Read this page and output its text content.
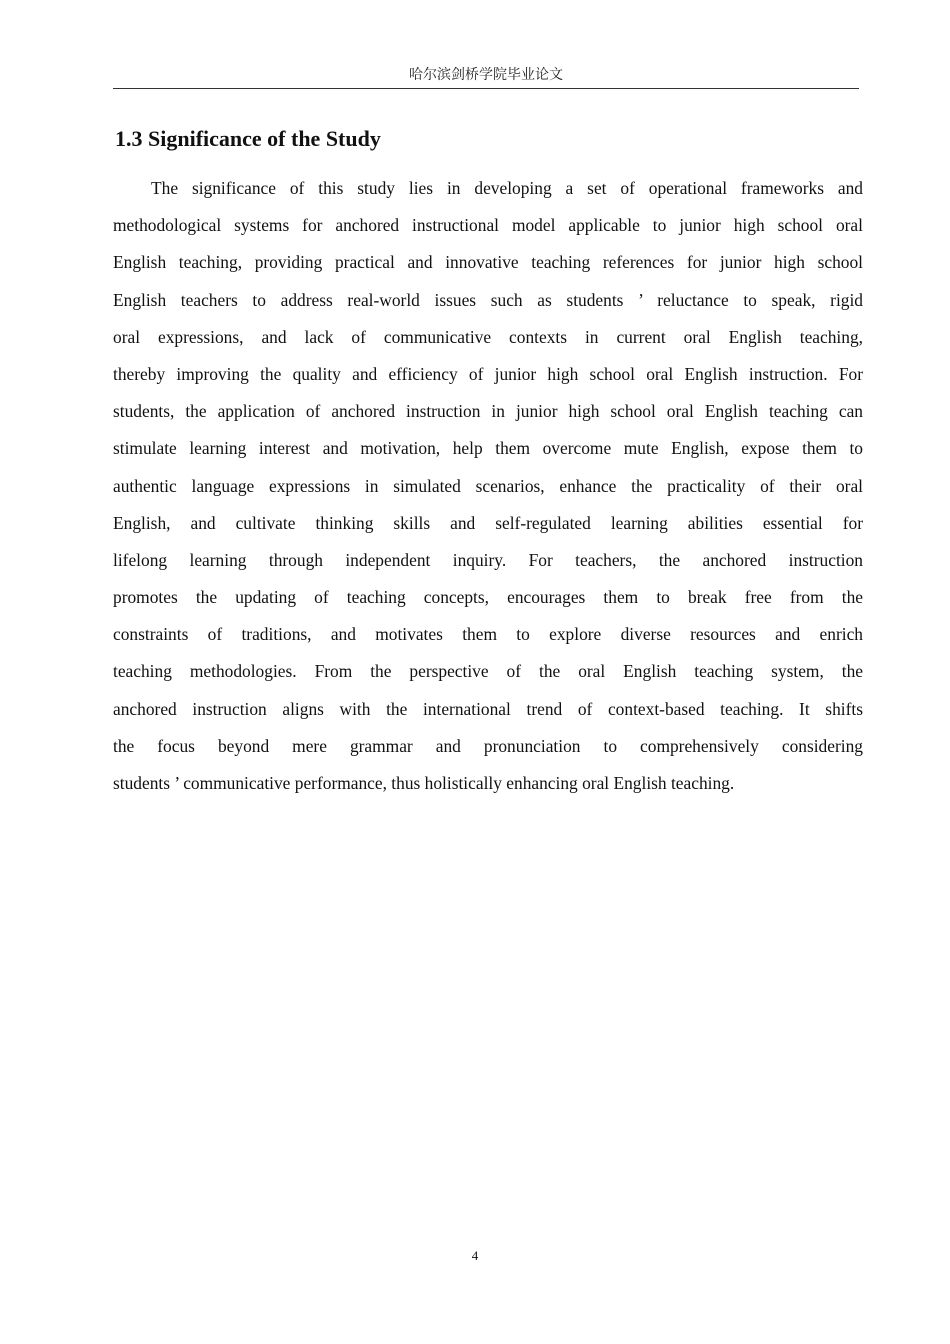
哈尔滨剑桥学院毕业论文
1.3 Significance of the Study
The significance of this study lies in developing a set of operational frameworks and
methodological systems for anchored instructional model applicable to junior high school oral
English teaching, providing practical and innovative teaching references for junior high school
English teachers to address real-world issues such as students ’ reluctance to speak, rigid
oral expressions, and lack of communicative contexts in current oral English teaching,
thereby improving the quality and efficiency of junior high school oral English instruction. For
students, the application of anchored instruction in junior high school oral English teaching can
stimulate learning interest and motivation, help them overcome mute English, expose them to
authentic language expressions in simulated scenarios, enhance the practicality of their oral
English, and cultivate thinking skills and self-regulated learning abilities essential for
lifelong learning through independent inquiry. For teachers, the anchored instruction
promotes the updating of teaching concepts, encourages them to break free from the
constraints of traditions, and motivates them to explore diverse resources and enrich
teaching methodologies. From the perspective of the oral English teaching system, the
anchored instruction aligns with the international trend of context-based teaching. It shifts
the focus beyond mere grammar and pronunciation to comprehensively considering
students ’ communicative performance, thus holistically enhancing oral English teaching.
4
